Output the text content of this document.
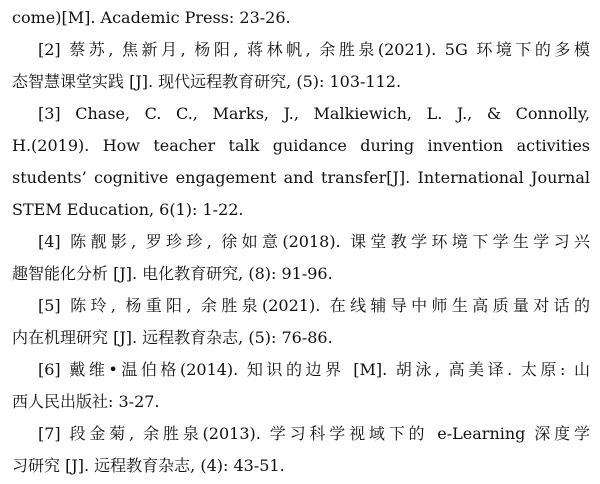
come)[M]. Academic Press: 23-26.
[2] 蔡苏, 焦新月, 杨阳, 蒋林帆, 余胜泉(2021). 5G 环境下的多模
态智慧课堂实践 [J]. 现代远程教育研究, (5): 103-112.
[3] Chase, C. C., Marks, J., Malkiewich, L. J., & Connolly,
H.(2019). How teacher talk guidance during invention activities
students’ cognitive engagement and transfer[J]. International Journal
STEM Education, 6(1): 1-22.
[4] 陈靓影, 罗珍珍, 徐如意(2018). 课堂教学环境下学生学习兴
趣智能化分析 [J]. 电化教育研究, (8): 91-96.
[5] 陈玲, 杨重阳, 余胜泉(2021). 在线辅导中师生高质量对话的
内在机理研究 [J]. 远程教育杂志, (5): 76-86.
[6] 戴维•温伯格(2014). 知识的边界 [M]. 胡泳, 高美译. 太原: 山
西人民出版社: 3-27.
[7] 段金菊, 余胜泉(2013). 学习科学视域下的 e-Learning 深度学
习研究 [J]. 远程教育杂志, (4): 43-51.
